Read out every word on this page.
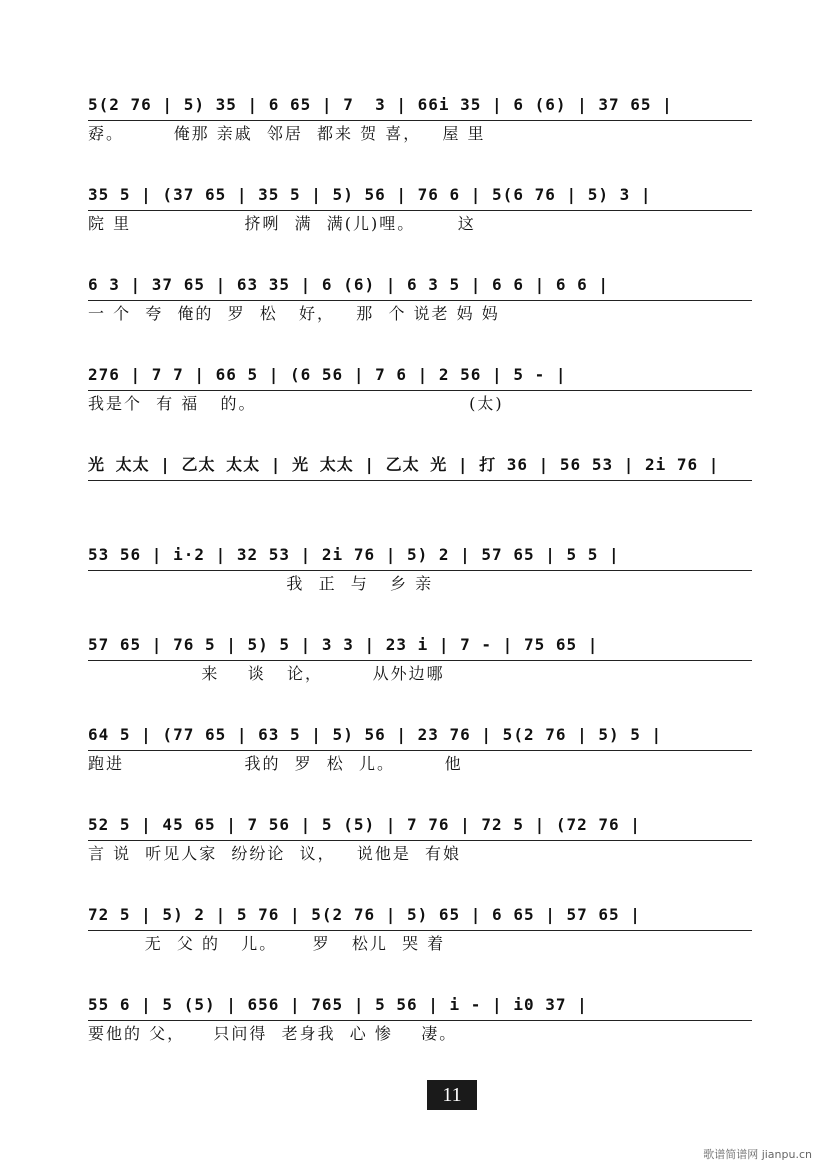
5(2 76 | 5) 35 | 6 65 | 7  3 | 66i 35 | 6 (6) | 37 65 |
孬。       俺那 亲戚  邻居  都来 贺 喜，   屋 里
35 5 | (37 65 | 35 5 | 5) 56 | 76 6 | 5(6 76 | 5) 3 |
院 里                挤咧  满  满(儿)哩。      这
6 3 | 37 65 | 63 35 | 6 (6) | 6 3 5 | 6 6 | 6 6 |
一 个  夸  俺的  罗  松   好，   那  个 说老 妈 妈
276 | 7 7 | 66 5 | (6 56 | 7 6 | 2 56 | 5 - |
我是个  有 福   的。                              (太)
光 太太 | 乙太 太太 | 光 太太 | 乙太 光 | 打 36 | 56 53 | 2i 76 |
53 56 | i·2 | 32 53 | 2i 76 | 5) 2 | 57 65 | 5 5 |
我  正  与   乡 亲
57 65 | 76 5 | 5) 5 | 3 3 | 23 i | 7 - | 75 65 |
来    谈   论，       从外边哪
64 5 | (77 65 | 63 5 | 5) 56 | 23 76 | 5(2 76 | 5) 5 |
跑进                 我的  罗  松  儿。       他
52 5 | 45 65 | 7 56 | 5 (5) | 7 76 | 72 5 | (72 76 |
言 说  听见人家  纷纷论  议，   说他是  有娘
72 5 | 5) 2 | 5 76 | 5(2 76 | 5) 65 | 6 65 | 57 65 |
无  父 的   儿。     罗   松儿  哭 着
55 6 | 5 (5) | 656 | 765 | 5 56 | i - | i0 37 |
要他的 父，    只问得  老身我  心 惨    凄。
11
歌谱简谱网 jianpu.cn
